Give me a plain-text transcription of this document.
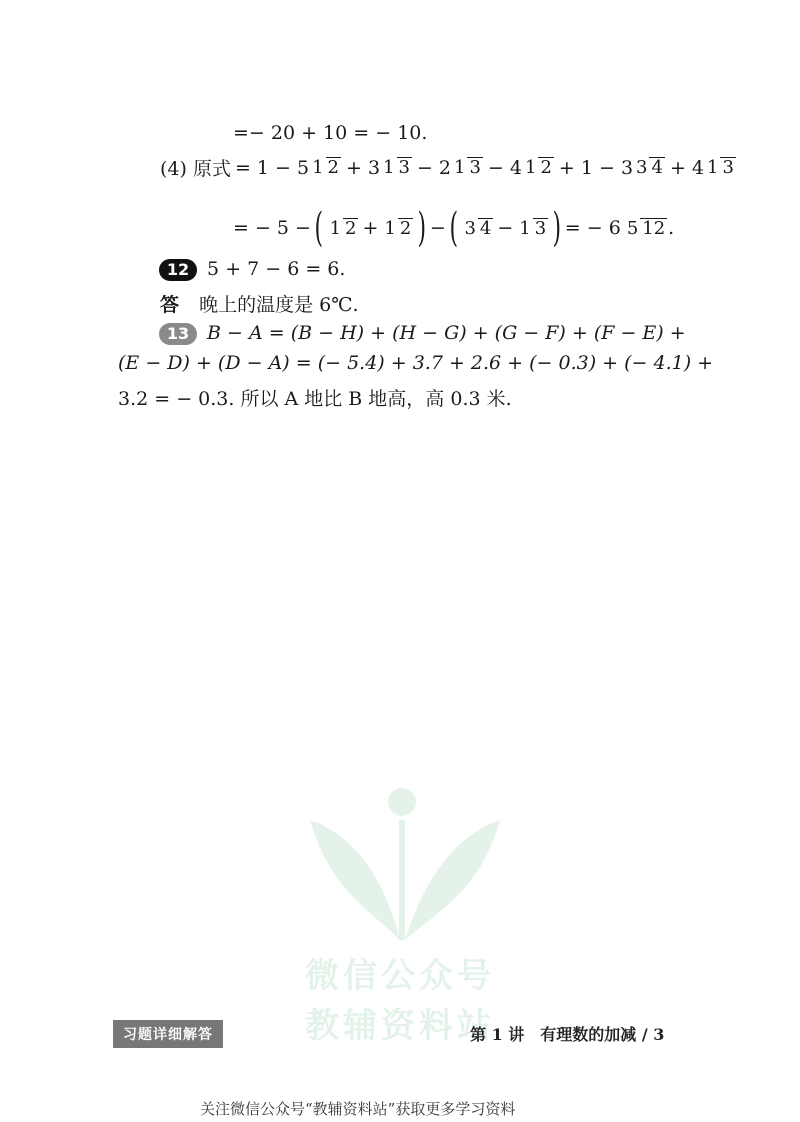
=− 20 + 10 = − 10.
(4) 原式 = 1 − 5 1 2 + 3 1 3 − 2 1 3 − 4 1 2 + 1 − 3 3 4 + 4 1 3
= − 5 − ( 1 2 + 1 2 ) − ( 3 4 − 1 3 ) = − 6 5 12 .
12 5 + 7 − 6 = 6.
答 晚上的温度是 6℃.
13 B − A = (B − H) + (H − G) + (G − F) + (F − E) +
(E − D) + (D − A) = (− 5.4) + 3.7 + 2.6 + (− 0.3) + (− 4.1) +
3.2 = − 0.3. 所以 A 地比 B 地高，高 0.3 米.
微信公众号
教辅资料站
习题详细解答	第 1 讲　有理数的加减 / 3
关注微信公众号“教辅资料站”获取更多学习资料
